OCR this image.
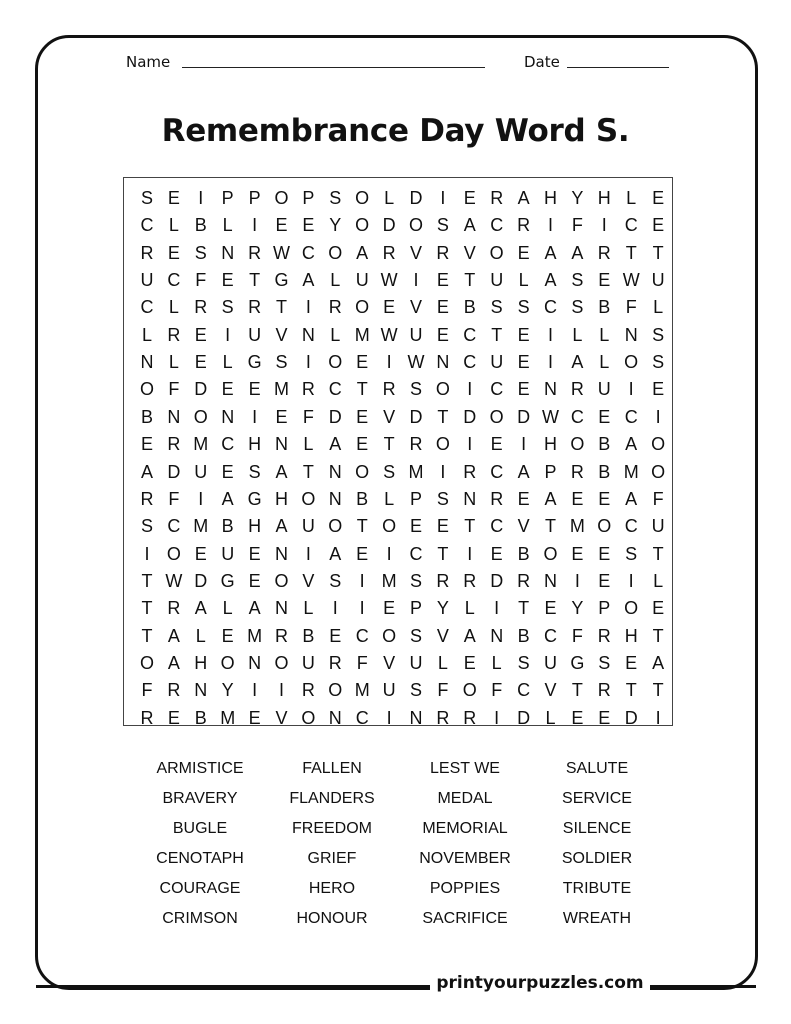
Name	Date
Remembrance Day Word S.
S E	I	P P O P S O L D I	E R A H Y H L E
C L B L	I	E E Y O D O S A C R I	F	I C E
R E S N R W C O A R V R V O E A A R T T
U C F E T G A L U W I	E T U L A S E W U
C L R S R T	I R O E V E B S S C S B F L
L R E	I U V N L M W U E C T E	I	L L N S
N L E L G S	I O E	I W N C U E	I	A L O S
O F D E E M R C T R S O I C E N R U I	E
B N O N I	E F D E V D T D O D W C E C I
E R M C H N L A E T R O I	E	I H O B A O
A D U E S A T N O S M I R C A P R B M O
R F	I	A G H O N B L P S N R E A E E A F
S C M B H A U O T O E E T C V T M O C U
I O E U E N I	A E	I C T	I	E B O E E S T
T W D G E O V S	I M S R R D R N I	E	I	L
T R A L A N L	I	I	E P Y L	I	T E Y P O E
T A L E M R B E C O S V A N B C F R H T
O A H O N O U R F V U L E L S U G S E A
F R N Y	I	I R O M U S F O F C V T R T T
R E B M E V O N C I N R R I D L E E D I
ARMISTICE	FALLEN	LEST WE	SALUTE
BRAVERY	FLANDERS	MEDAL	SERVICE
BUGLE	FREEDOM	MEMORIAL	SILENCE
CENOTAPH	GRIEF	NOVEMBER	SOLDIER
COURAGE	HERO	POPPIES	TRIBUTE
CRIMSON	HONOUR	SACRIFICE	WREATH
printyourpuzzles.com
